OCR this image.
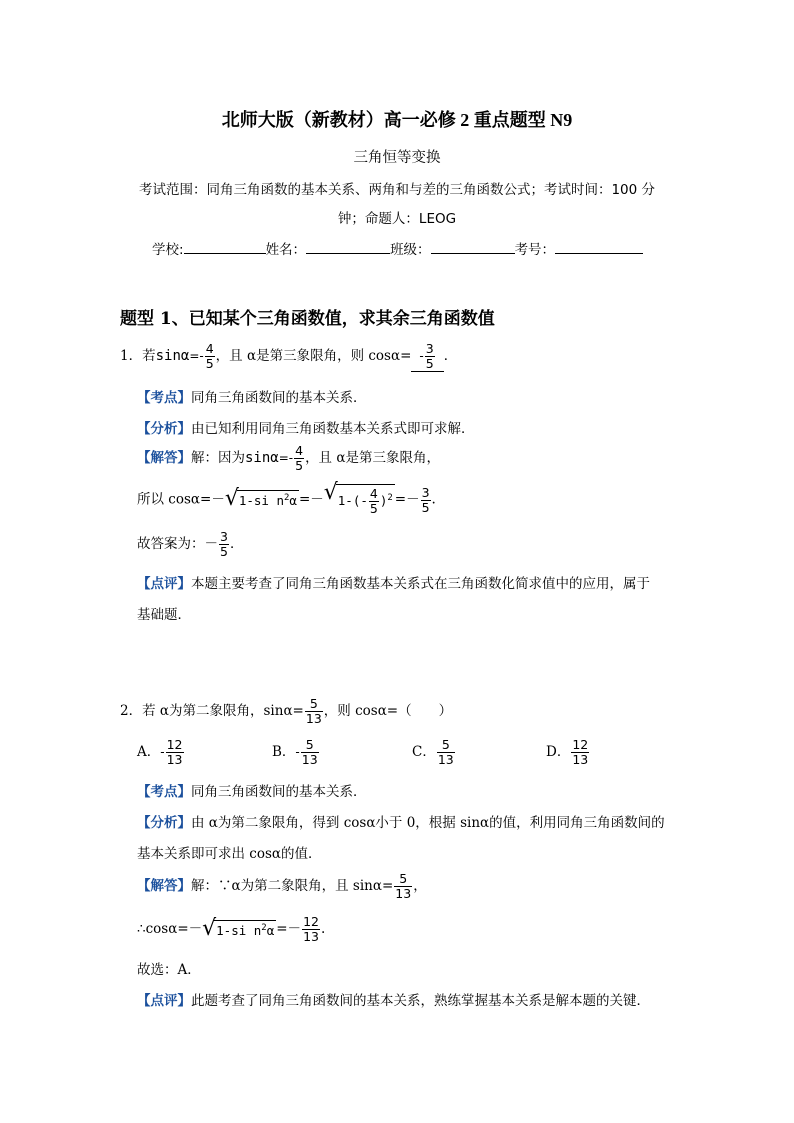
北师大版（新教材）高一必修 2 重点题型 N9
三角恒等变换
考试范围：同角三角函数的基本关系、两角和与差的三角函数公式；考试时间：100 分
钟；命题人：LEOG
学校:	姓名：	班级：	考号：
题型 1、已知某个三角函数值，求其余三角函数值
1．若$\sin\alpha=- \frac{4}{5}$ ，且 α是第三象限角，则 $\cos\alpha= - \frac{3}{5}$ ．
【考点】同角三角函数间的基本关系．
【分析】由已知利用同角三角函数基本关系式即可求解．
【解答】解：因为$\sin\alpha=- \frac{4}{5}$ ，且 α是第三象限角，
所以 cosα=－ √ 1-si $n^2\alpha$ =－ √ $1-(- \frac{4}{5} )^2 =- \frac{3}{5}$ .
故答案为：－ $\frac{3}{5}$ ．
【点评】本题主要考查了同角三角函数基本关系式在三角函数化简求值中的应用，属于
基础题．
2．若 α为第二象限角，$\sin\alpha= \frac{5}{13}$ ，则 cosα=（　　）
A．- $\frac{12}{13}$	B．- $\frac{5}{13}$	C． $\frac{5}{13}$	D． $\frac{12}{13}$
【考点】同角三角函数间的基本关系．
【分析】由 α为第二象限角，得到 cosα小于 0，根据 sinα的值，利用同角三角函数间的
基本关系即可求出 cosα的值．
【解答】解：∵α为第二象限角，且 $\sin\alpha= \frac{5}{13}$ ，
∴cosα=－ √ 1-si $n^2\alpha =- \frac{12}{13}$ .
故选：A．
【点评】此题考查了同角三角函数间的基本关系，熟练掌握基本关系是解本题的关键．
